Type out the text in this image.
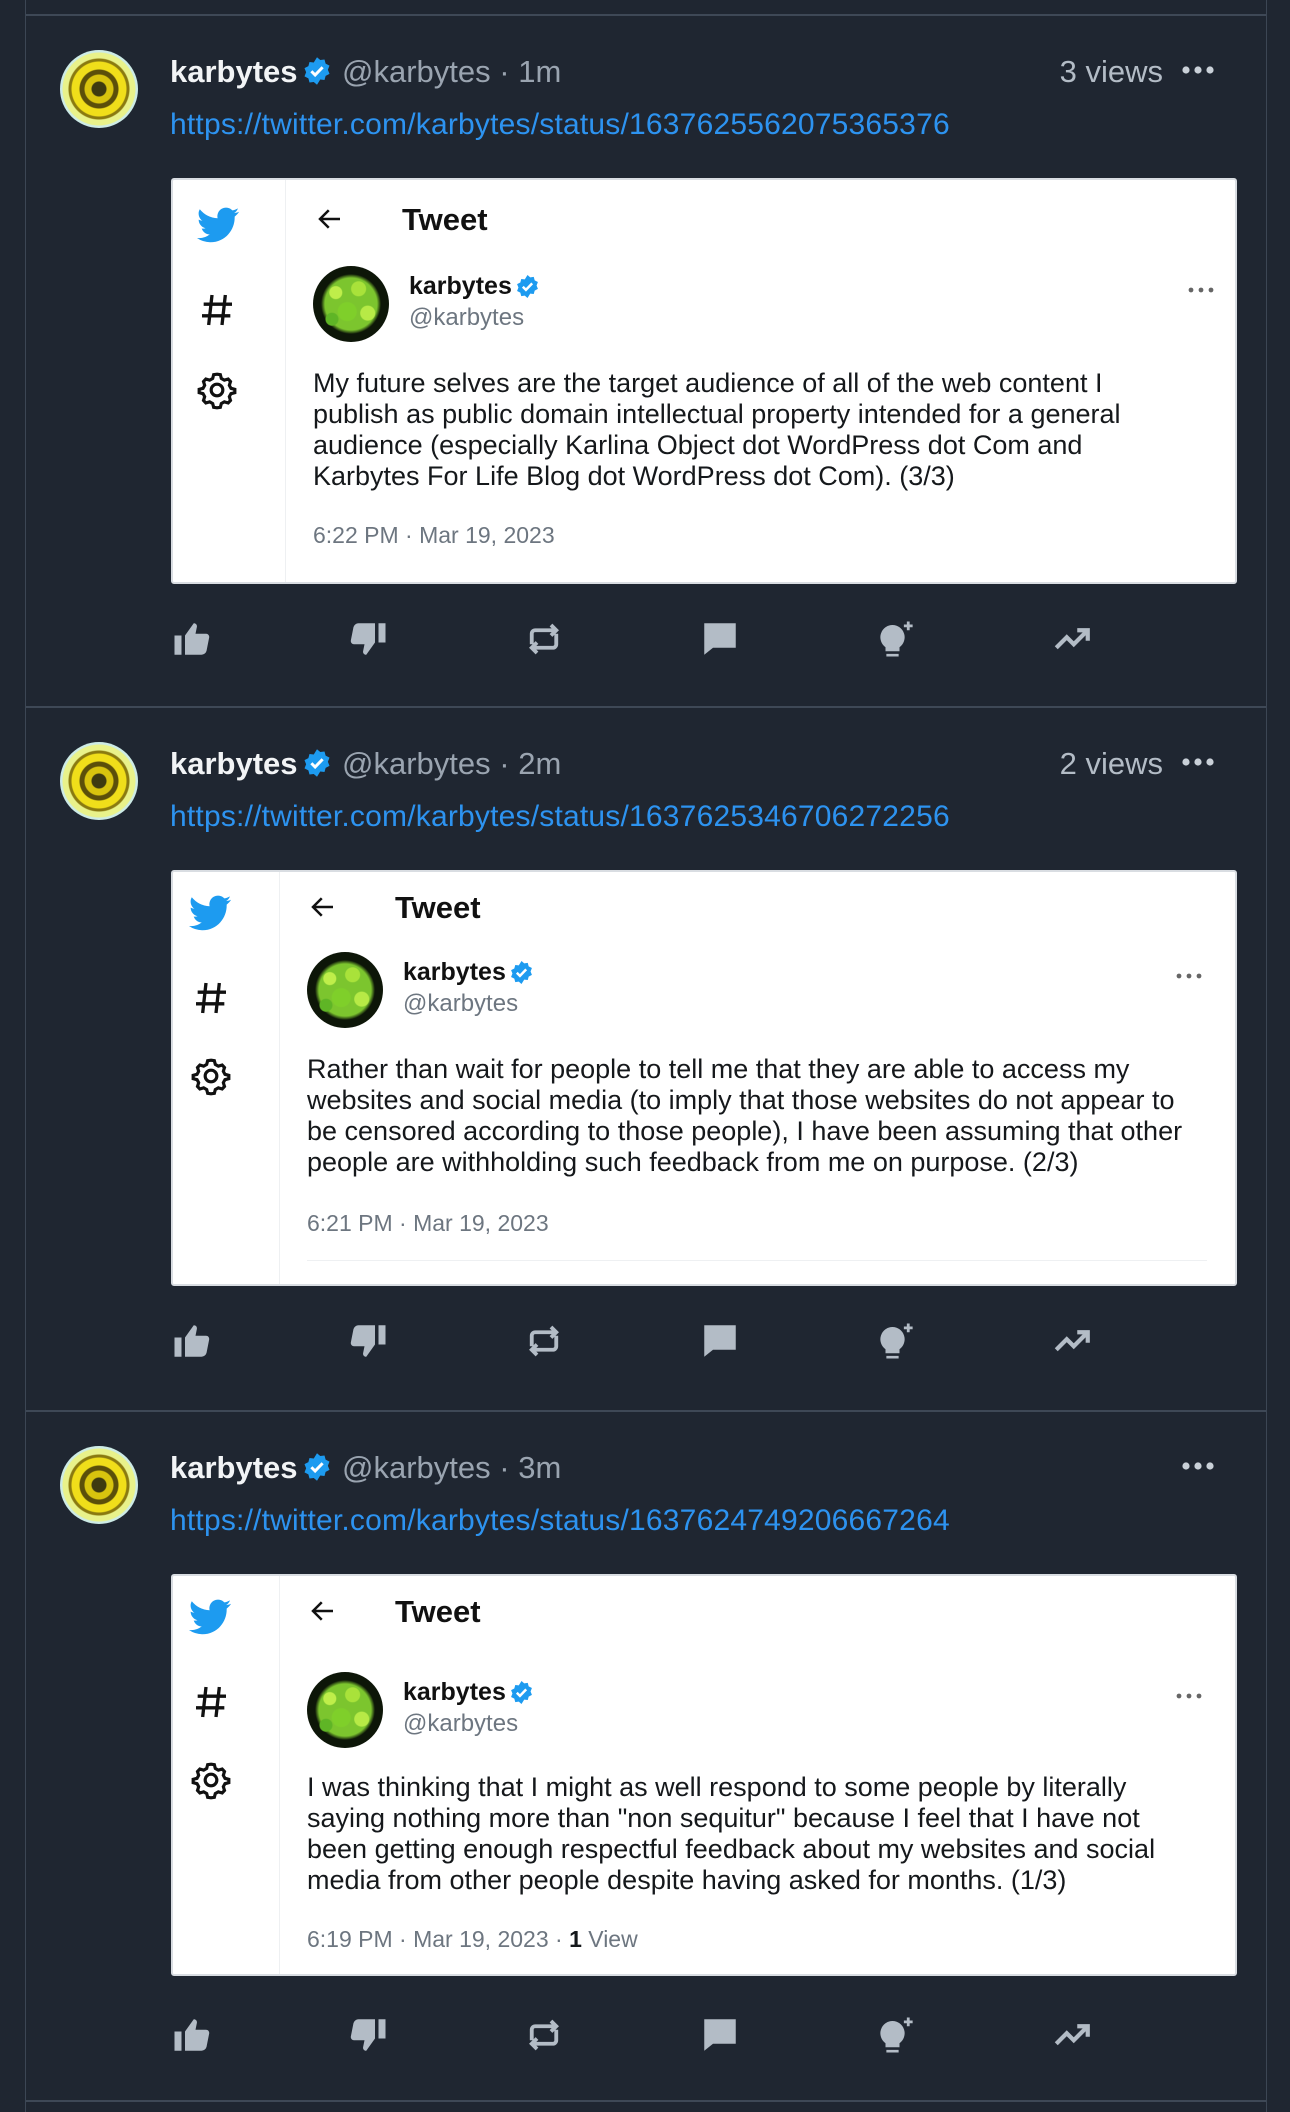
karbytes @karbytes · 1m	3 views
https://twitter.com/karbytes/status/1637625562075365376
Tweet
karbytes
@karbytes
My future selves are the target audience of all of the web content I publish as public domain intellectual property intended for a general audience (especially Karlina Object dot WordPress dot Com and Karbytes For Life Blog dot WordPress dot Com). (3/3)
6:22 PM · Mar 19, 2023
karbytes @karbytes · 2m	2 views
https://twitter.com/karbytes/status/1637625346706272256
Tweet
karbytes
@karbytes
Rather than wait for people to tell me that they are able to access my websites and social media (to imply that those websites do not appear to be censored according to those people), I have been assuming that other people are withholding such feedback from me on purpose. (2/3)
6:21 PM · Mar 19, 2023
karbytes @karbytes · 3m
https://twitter.com/karbytes/status/1637624749206667264
Tweet
karbytes
@karbytes
I was thinking that I might as well respond to some people by literally saying nothing more than "non sequitur" because I feel that I have not been getting enough respectful feedback about my websites and social media from other people despite having asked for months. (1/3)
6:19 PM · Mar 19, 2023 · 1 View
